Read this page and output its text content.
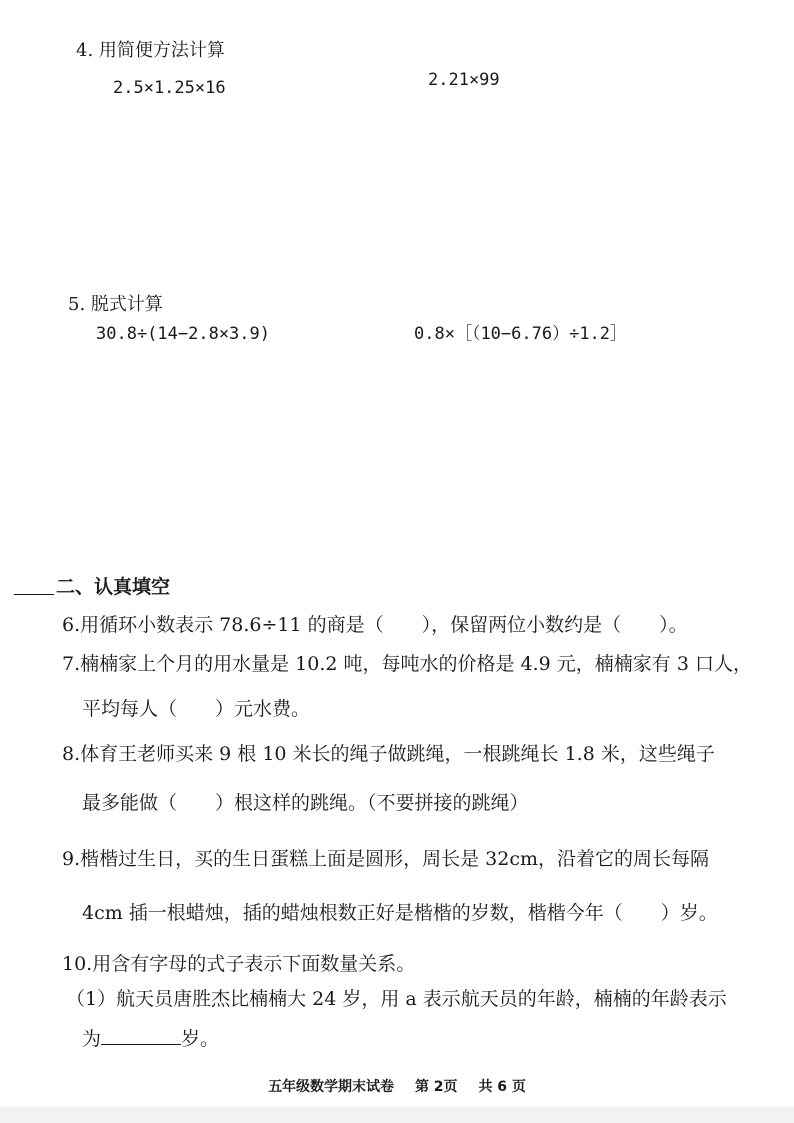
4. 用简便方法计算
2.5×1.25×16	2.21×99
5. 脱式计算
30.8÷(14−2.8×3.9)	0.8×［（10−6.76）÷1.2］
二、认真填空
6.用循环小数表示 78.6÷11 的商是（　　），保留两位小数约是（　　）。
7.楠楠家上个月的用水量是 10.2 吨，每吨水的价格是 4.9 元，楠楠家有 3 口人，
平均每人（　　）元水费。
8.体育王老师买来 9 根 10 米长的绳子做跳绳，一根跳绳长 1.8 米，这些绳子
最多能做（　　）根这样的跳绳。（不要拼接的跳绳）
9.楷楷过生日，买的生日蛋糕上面是圆形，周长是 32cm，沿着它的周长每隔
4cm 插一根蜡烛，插的蜡烛根数正好是楷楷的岁数，楷楷今年（　　）岁。
10.用含有字母的式子表示下面数量关系。
（1）航天员唐胜杰比楠楠大 24 岁，用 a 表示航天员的年龄，楠楠的年龄表示
为	岁。
五年级数学期末试卷 第 2页 共 6 页
